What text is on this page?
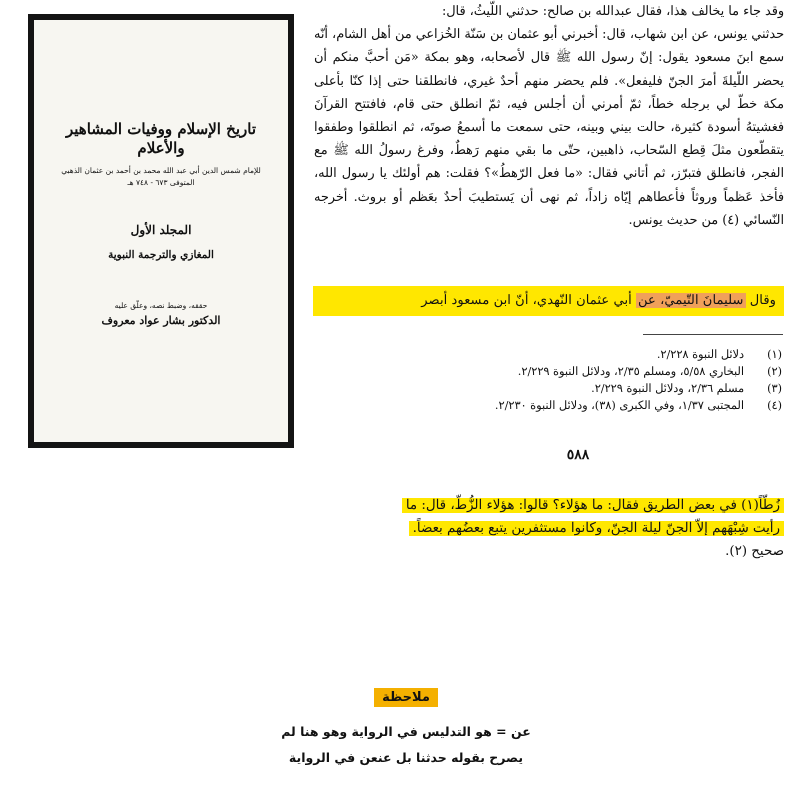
تاريخ الإسلام ووفيات المشاهير والأعلام
للإمام شمس الدين أبي عبد الله محمد بن أحمد بن عثمان الذهبي
المتوفى ٦٧٣ - ٧٤٨ هـ
المجلد الأول
المغازي والترجمة النبوية
حققه، وضبط نصه، وعلّق عليه
الدكتور بشار عواد معروف

وقد جاء ما يخالف هذا، فقال عبدالله بن صالح: حدثني اللّيثُ، قال:

حدثني يونس، عن ابن شهاب، قال: أخبرني أبو عثمان بن سَنّة الخُزاعي من أهل الشام، أنّه سمع ابنَ مسعود يقول: إنّ رسول الله ﷺ قال لأصحابه، وهو بمكة «مَن أحبَّ منكم أن يحضر اللّيلةَ أمرَ الجنّ فليفعل». فلم يحضر منهم أحدٌ غيري، فانطلقنا حتى إذا كنّا بأعلى مكة خطّ لي برجله خطاً، ثمّ أمرني أن أجلس فيه، ثمّ انطلق حتى قام، فافتتح القرآنَ فغشيتهُ أسودة كثيرة، حالت بيني وبينه، حتى سمعت ما أسمعُ صوتَه، ثم انطلقوا وطفقوا يتقطّعون مثلَ قِطع السّحاب، ذاهبين، حتّى ما بقي منهم رَهطٌ، وفرغ رسولُ الله ﷺ مع الفجر، فانطلق فتبرّز، ثم أتاني فقال: «ما فعل الرّهطُ»؟ فقلت: هم أولئك يا رسول الله، فأخذ عَظماً وروثاً فأعطاهم إيّاه زاداً، ثم نهى أن يَستطيبَ أحدٌ بعَظم أو بروث. أخرجه النّسائي (٤) من حديث يونس.

وقال سليمانَ التّيميّ، عن أبي عثمان النّهدي، أنّ ابن مسعود أبصر
(١)
دلائل النبوة ٢/٢٢٨.
(٢)
البخاري ٥/٥٨، ومسلم ٢/٣٥، ودلائل النبوة ٢/٢٢٩.
(٣)
مسلم ٢/٣٦، ودلائل النبوة ٢/٢٢٩.
(٤)
المجتبى ١/٣٧، وفي الكبرى (٣٨)، ودلائل النبوة ٢/٢٣٠.
٥٨٨
زُطّاً(١) في بعض الطريق فقال: ما هؤلاء؟ قالوا: هؤلاء الزُّطّ، قال: ما
رأيت شِبْهَهم إلاّ الجنّ ليلة الجنّ، وكانوا مستثفرين يتبع بعضُهم بعضاً.
صحيح (٢).
ملاحظة
عن = هو التدليس في الرواية وهو هنا لم
يصرح بقوله حدثنا بل عنعن في الرواية
